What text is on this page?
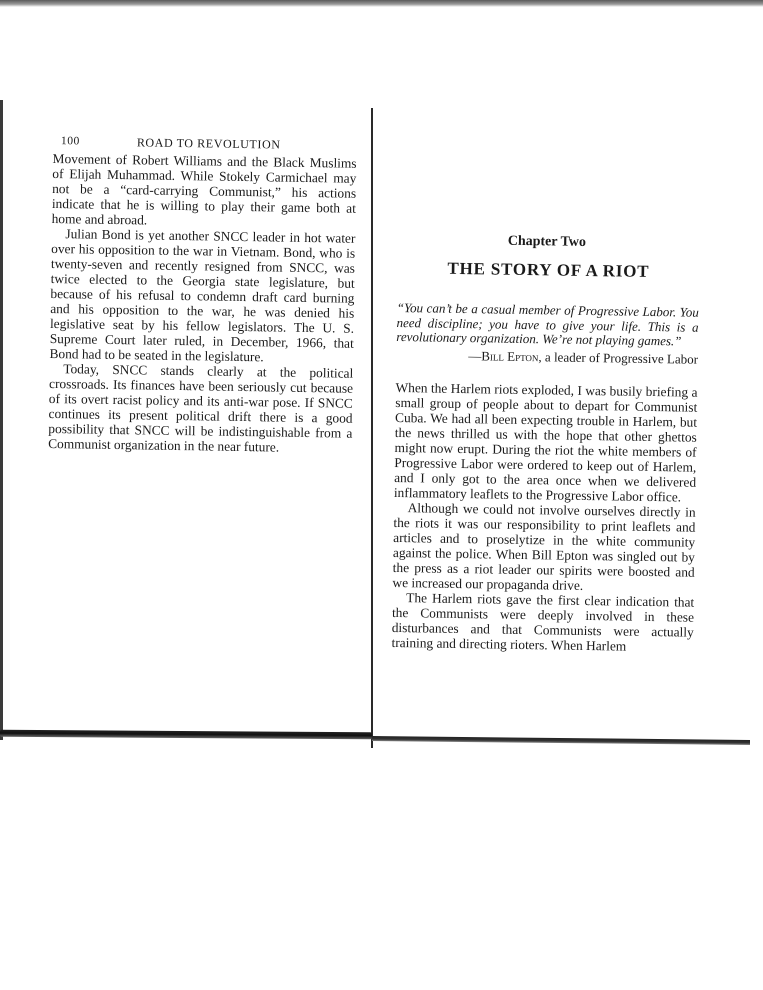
100	ROAD TO REVOLUTION

Movement of Robert Williams and the Black Muslims of Elijah Muhammad. While Stokely Carmichael may not be a “card-carrying Communist,” his actions indicate that he is willing to play their game both at home and abroad.

Julian Bond is yet another SNCC leader in hot water over his opposition to the war in Vietnam. Bond, who is twenty-seven and recently resigned from SNCC, was twice elected to the Georgia state legislature, but because of his refusal to condemn draft card burning and his opposition to the war, he was denied his legislative seat by his fellow legislators. The U. S. Supreme Court later ruled, in December, 1966, that Bond had to be seated in the legislature.

Today, SNCC stands clearly at the political crossroads. Its finances have been seriously cut because of its overt racist policy and its anti-war pose. If SNCC continues its present political drift there is a good possibility that SNCC will be indistinguishable from a Communist organization in the near future.

Chapter Two
THE STORY OF A RIOT

“You can’t be a casual member of Progressive Labor. You need discipline; you have to give your life. This is a revolutionary organization. We’re not playing games.”

—Bill Epton, a leader of Progressive Labor

When the Harlem riots exploded, I was busily briefing a small group of people about to depart for Communist Cuba. We had all been expecting trouble in Harlem, but the news thrilled us with the hope that other ghettos might now erupt. During the riot the white members of Progressive Labor were ordered to keep out of Harlem, and I only got to the area once when we delivered inflammatory leaflets to the Progressive Labor office.

Although we could not involve ourselves directly in the riots it was our responsibility to print leaflets and articles and to proselytize in the white community against the police. When Bill Epton was singled out by the press as a riot leader our spirits were boosted and we increased our propaganda drive.

The Harlem riots gave the first clear indication that the Communists were deeply involved in these disturbances and that Communists were actually training and directing rioters. When Harlem
